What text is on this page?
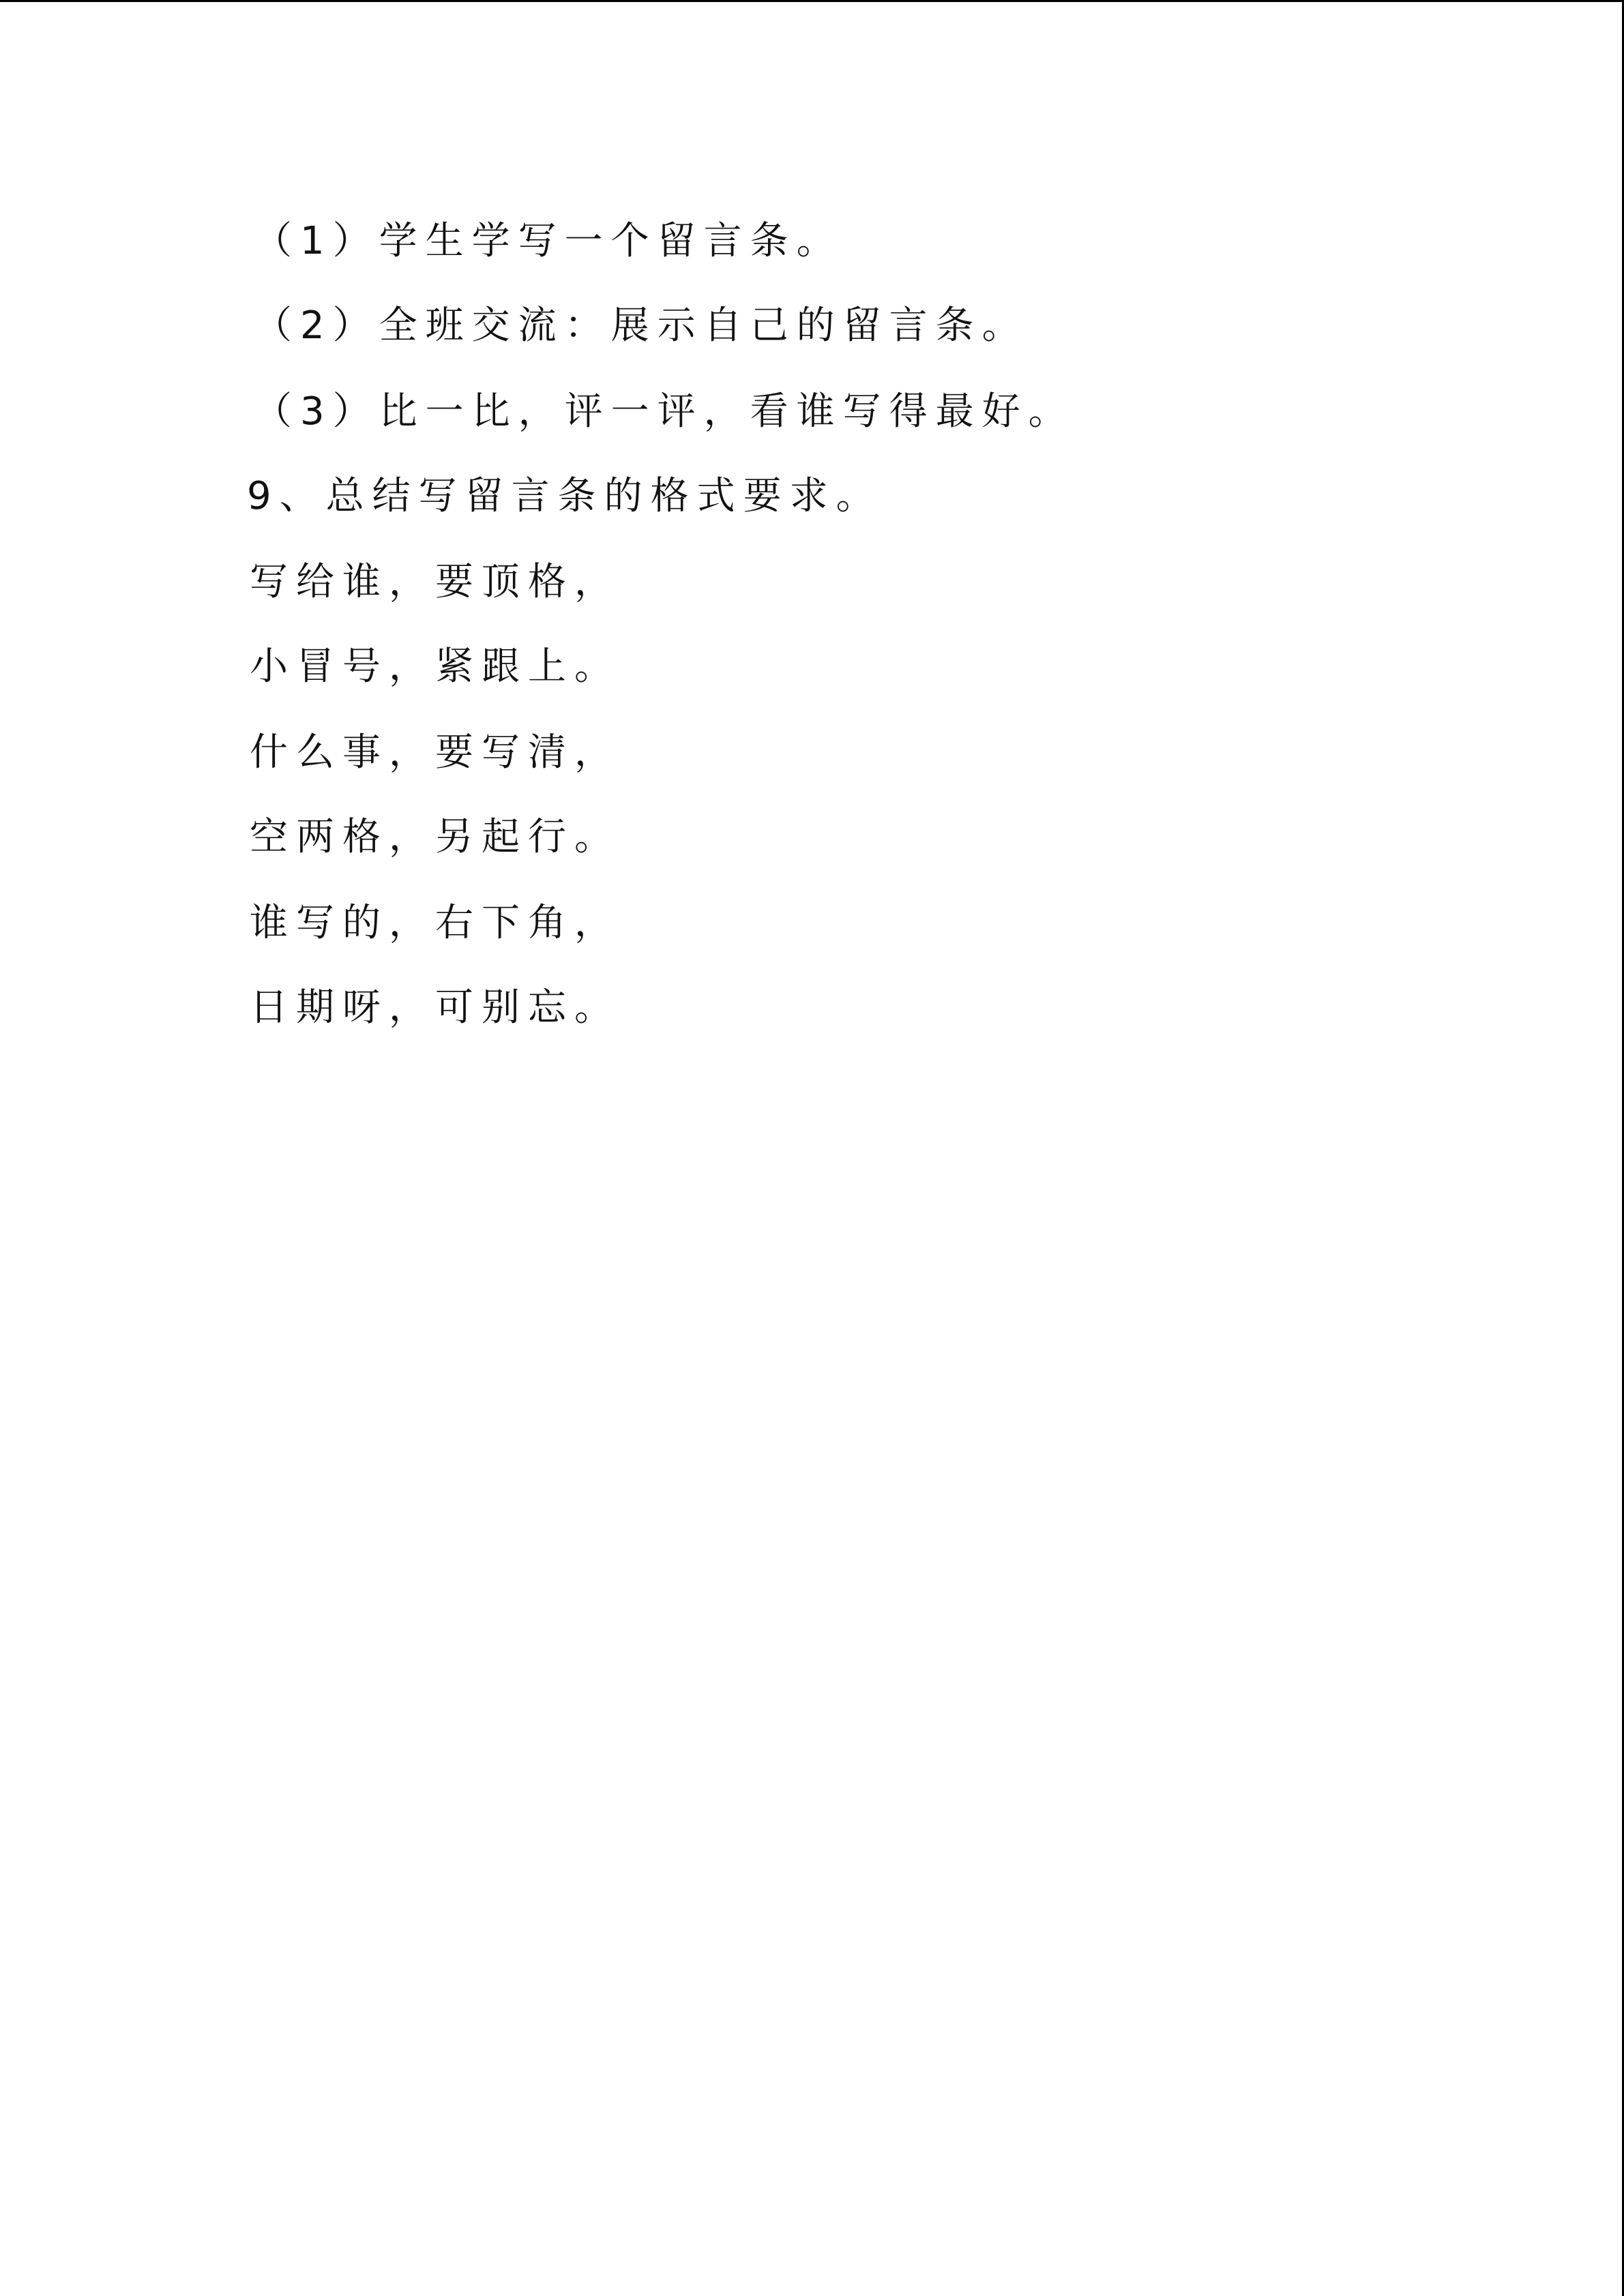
（1）学生学写一个留言条。

（2）全班交流：展示自己的留言条。

（3）比一比，评一评，看谁写得最好。

9、总结写留言条的格式要求。

写给谁，要顶格，

小冒号，紧跟上。

什么事，要写清，

空两格，另起行。

谁写的，右下角，

日期呀，可别忘。
